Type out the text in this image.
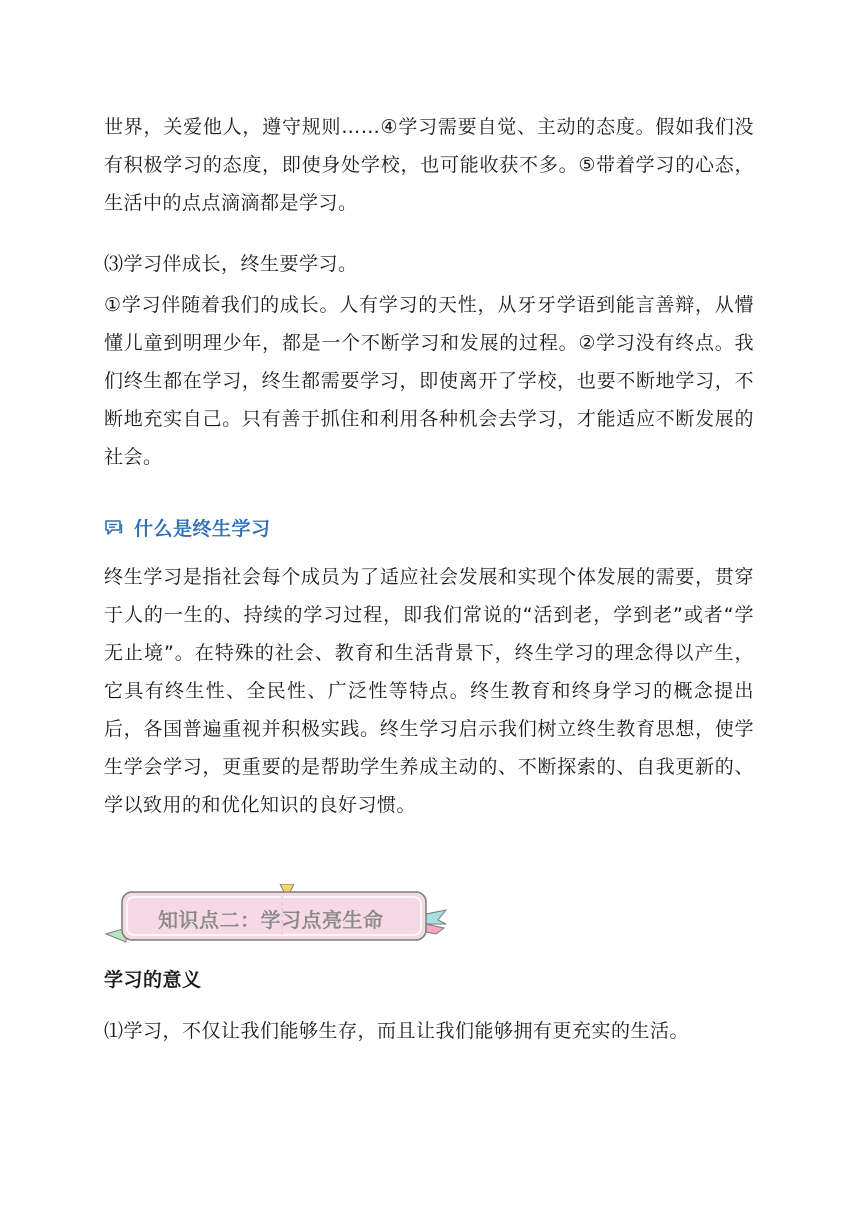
世界，关爱他人，遵守规则……④学习需要自觉、主动的态度。假如我们没有积极学习的态度，即使身处学校，也可能收获不多。⑤带着学习的心态，生活中的点点滴滴都是学习。

⑶学习伴成长，终生要学习。

①学习伴随着我们的成长。人有学习的天性，从牙牙学语到能言善辩，从懵懂儿童到明理少年，都是一个不断学习和发展的过程。②学习没有终点。我们终生都在学习，终生都需要学习，即使离开了学校，也要不断地学习，不断地充实自己。只有善于抓住和利用各种机会去学习，才能适应不断发展的社会。

什么是终生学习

终生学习是指社会每个成员为了适应社会发展和实现个体发展的需要，贯穿于人的一生的、持续的学习过程，即我们常说的“活到老，学到老”或者“学无止境”。在特殊的社会、教育和生活背景下，终生学习的理念得以产生，它具有终生性、全民性、广泛性等特点。终生教育和终身学习的概念提出后，各国普遍重视并积极实践。终生学习启示我们树立终生教育思想，使学生学会学习，更重要的是帮助学生养成主动的、不断探索的、自我更新的、学以致用的和优化知识的良好习惯。

知识点二：学习点亮生命
学习的意义

⑴学习，不仅让我们能够生存，而且让我们能够拥有更充实的生活。
